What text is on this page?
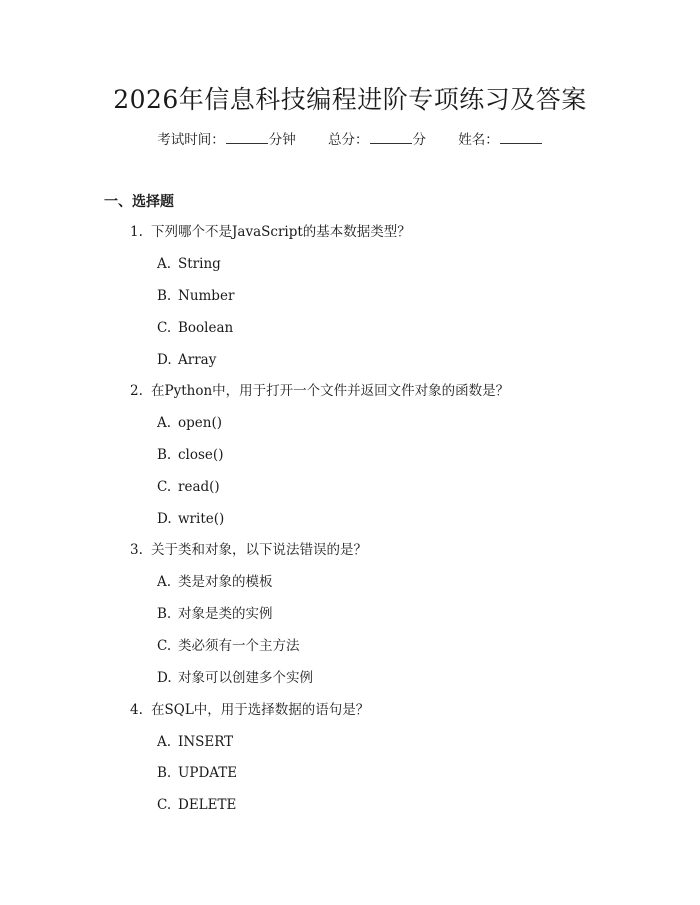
2026年信息科技编程进阶专项练习及答案
考试时间：	分钟 总分：	分 姓名：
一、选择题
1. 下列哪个不是JavaScript的基本数据类型？
A. String
B. Number
C. Boolean
D. Array
2. 在Python中，用于打开一个文件并返回文件对象的函数是？
A. open()
B. close()
C. read()
D. write()
3. 关于类和对象，以下说法错误的是？
A. 类是对象的模板
B. 对象是类的实例
C. 类必须有一个主方法
D. 对象可以创建多个实例
4. 在SQL中，用于选择数据的语句是？
A. INSERT
B. UPDATE
C. DELETE
